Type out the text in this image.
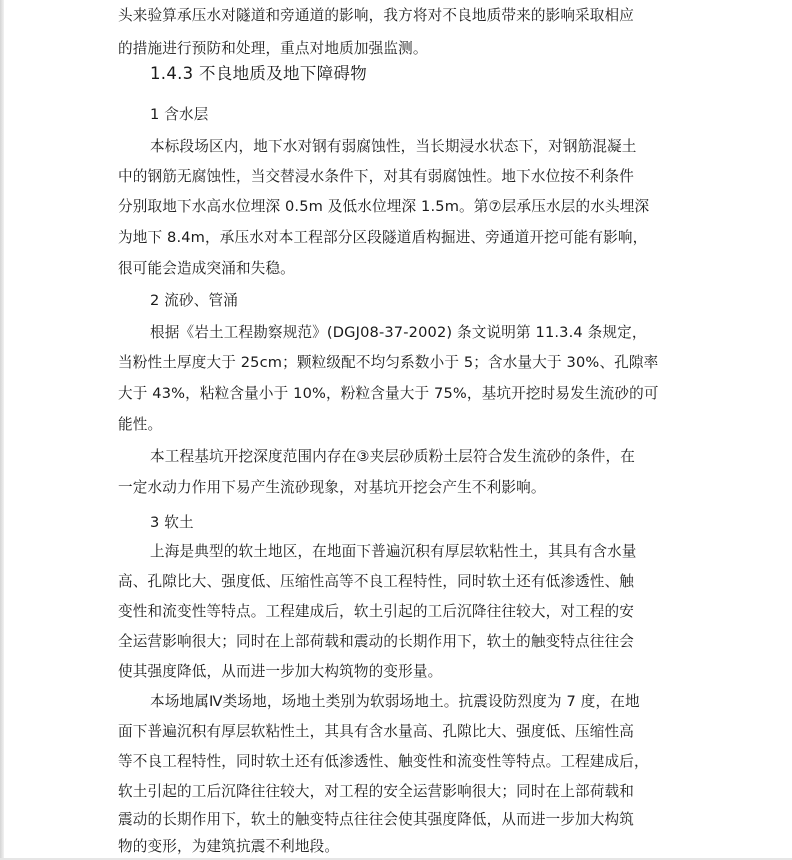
头来验算承压水对隧道和旁通道的影响，我方将对不良地质带来的影响采取相应
的措施进行预防和处理，重点对地质加强监测。
1.4.3 不良地质及地下障碍物
1 含水层
本标段场区内，地下水对钢有弱腐蚀性，当长期浸水状态下，对钢筋混凝土
中的钢筋无腐蚀性，当交替浸水条件下，对其有弱腐蚀性。地下水位按不利条件
分别取地下水高水位埋深 0.5m 及低水位埋深 1.5m。第⑦层承压水层的水头埋深
为地下 8.4m，承压水对本工程部分区段隧道盾构掘进、旁通道开挖可能有影响，
很可能会造成突涌和失稳。
2 流砂、管涌
根据《岩土工程勘察规范》(DGJ08-37-2002) 条文说明第 11.3.4 条规定，
当粉性土厚度大于 25cm；颗粒级配不均匀系数小于 5；含水量大于 30%、孔隙率
大于 43%，粘粒含量小于 10%，粉粒含量大于 75%，基坑开挖时易发生流砂的可
能性。
本工程基坑开挖深度范围内存在③夹层砂质粉土层符合发生流砂的条件，在
一定水动力作用下易产生流砂现象，对基坑开挖会产生不利影响。
3 软土
上海是典型的软土地区，在地面下普遍沉积有厚层软粘性土，其具有含水量
高、孔隙比大、强度低、压缩性高等不良工程特性，同时软土还有低渗透性、触
变性和流变性等特点。工程建成后，软土引起的工后沉降往往较大，对工程的安
全运营影响很大；同时在上部荷载和震动的长期作用下，软土的触变特点往往会
使其强度降低，从而进一步加大构筑物的变形量。
本场地属Ⅳ类场地，场地土类别为软弱场地土。抗震设防烈度为 7 度，在地
面下普遍沉积有厚层软粘性土，其具有含水量高、孔隙比大、强度低、压缩性高
等不良工程特性，同时软土还有低渗透性、触变性和流变性等特点。工程建成后，
软土引起的工后沉降往往较大，对工程的安全运营影响很大；同时在上部荷载和
震动的长期作用下，软土的触变特点往往会使其强度降低，从而进一步加大构筑
物的变形，为建筑抗震不利地段。
